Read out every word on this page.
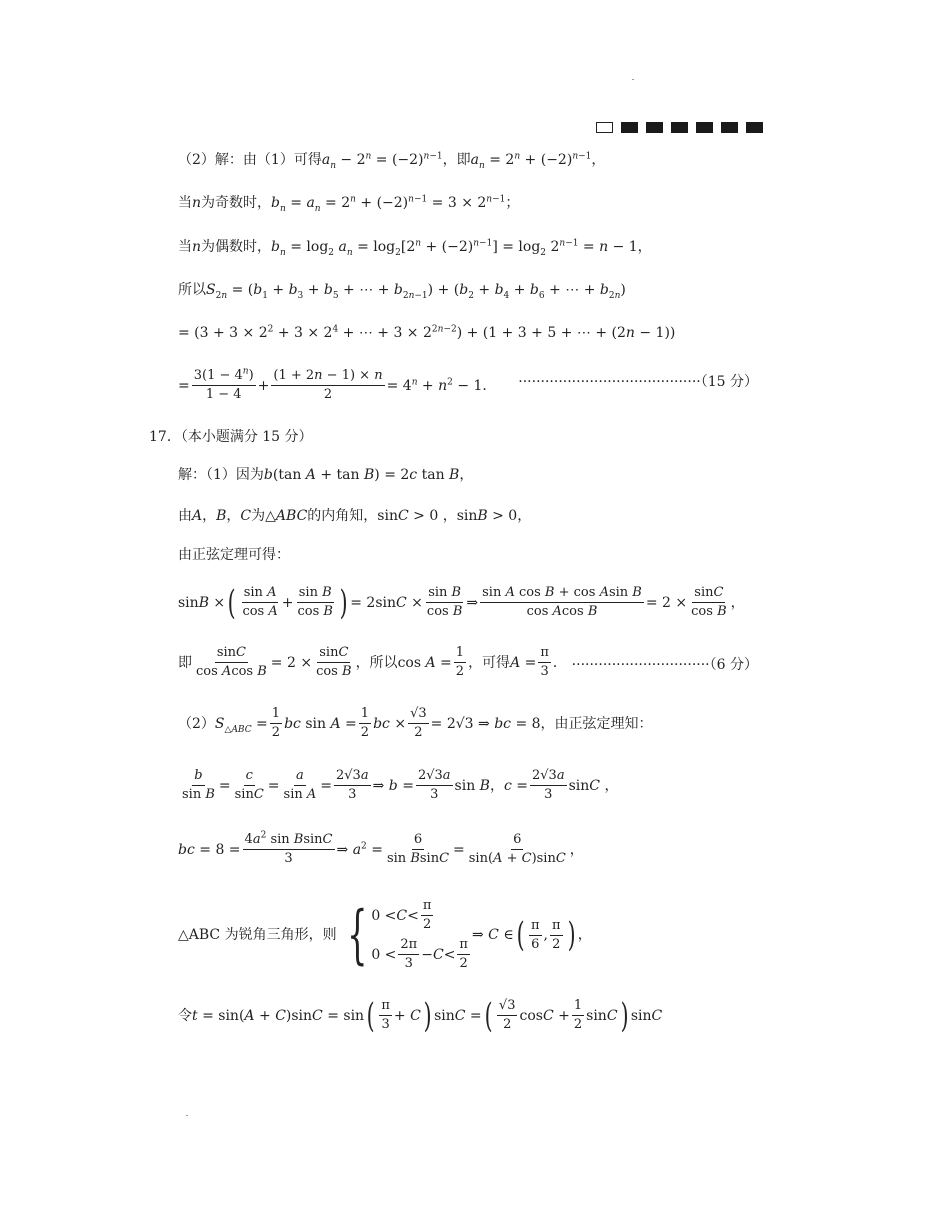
（2）解：由（1）可得 $a_n - 2^n = (-2)^{n-1}$ ，即 $a_n = 2^n + (-2)^{n-1}$，
当 n 为奇数时， $b_n = a_n = 2^n + (-2)^{n-1} = 3 \times 2^{n-1}$；
当 n 为偶数时， $b_n = \log_2 a_n = \log_2[2^n + (-2)^{n-1}] = \log_2 2^{n-1} = n - 1$，
所以 $S_{2n} = (b_1 + b_3 + b_5$ + ⋯ + $b_{2n-1}) + (b_2 + b_4 + b_6$ + ⋯ + $b_{2n}$)
= ($3 + 3 \times 2^2 + 3 \times 2^4$ + ⋯ + $3 \times 2^{2n-2}) + (1 + 3 + 5$ + ⋯ + (2n − 1))
= $\frac{3(1 - 4^n)}{1 - 4} + \frac{(1 + 2n - 1) \times n}{2} = 4^n + n^2 - 1$． ·········································（15 分）
17．（本小题满分 15 分）
解：（1）因为 b(tan A + tan B) = 2c tan B，
由 A ， B ， C 为 △ABC 的内角知， sinC > 0 ，sinB > 0，
由正弦定理可得：
sinB × ( $\frac{\text{sin A}}{\text{cos A}} + \frac{\text{sin B}}{\text{cos B}}$ ) = $2\sin C \times \frac{\text{sin B}}{\text{cos B}}$ ⇒ $\frac{\text{sin A cos B + cos Asin B}}{\text{cos Acos B}} = 2 \times \frac{\sin C}{\text{cos B}}$ ，
即 $\frac{\sin C}{\text{cos Acos B}} = 2 \times \frac{\sin C}{\text{cos B}}$ ，所以 $\cos A = \frac{1}{2}$ ，可得 $A = \frac{\pi}{3}$ ． ·······························（6 分）
（2） $S_{\triangle ABC} = \frac{1}{2}$ bc $\sin A = \frac{1}{2}$ bc × $\frac{√3}{2} = 2√3$ ⇒ bc = 8 ，由正弦定理知：
$\frac{b}{\text{sin B}} = \frac{c}{\sin C} = \frac{a}{\text{sin A}} = \frac{2√3a}{3}$ ⇒ $b = \frac{2√3a}{3}$ sin B，$c = \frac{2√3a}{3}$ sinC ，
bc = $8 = \frac{4a^2 \sin BsinC}{3}$ ⇒ $a^2 = \frac{6}{\text{sin BsinC}} = \frac{6}{\sin(A + C)\sin C}$ ，
△ABC 为锐角三角形，则 { $0 < C < \frac{\pi}{2}$
$0 < \frac{2\pi}{3} - C < \frac{\pi}{2}$
⇒ C ∈ ( $\frac{\pi}{6}$ , $\frac{\pi}{2}$ ) ，
令 t = sin(A + C)sinC = sin ( $\frac{\pi}{3} + C$ ) sinC = ( $\frac{√3}{2}$ $\cos C + \frac{1}{2}$ sinC ) sinC
